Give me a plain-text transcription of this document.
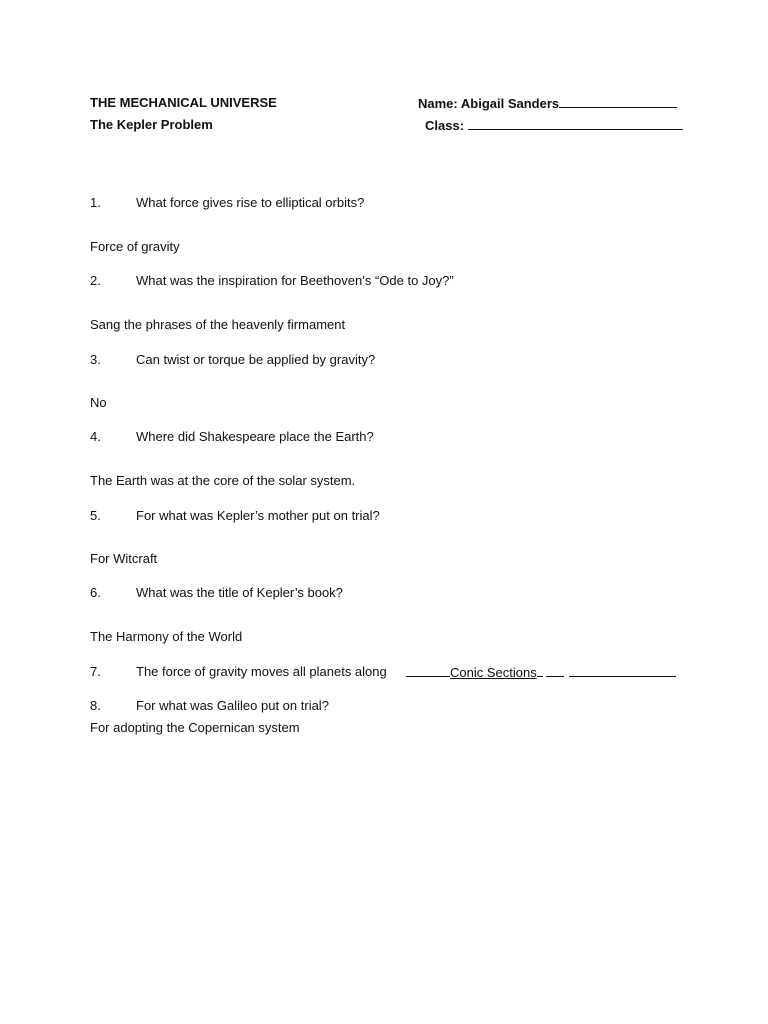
THE MECHANICAL UNIVERSE
The Kepler Problem
Name: Abigail Sanders
Class:
1.	What force gives rise to elliptical orbits?
Force of gravity
2.	What was the inspiration for Beethoven’s “Ode to Joy?”
Sang the phrases of the heavenly firmament
3.	Can twist or torque be applied by gravity?
No
4.	Where did Shakespeare place the Earth?
The Earth was at the core of the solar system.
5.	For what was Kepler’s mother put on trial?
For Witcraft
6.	What was the title of Kepler’s book?
The Harmony of the World
7.	The force of gravity moves all planets along	Conic Sections
8.	For what was Galileo put on trial?
For adopting the Copernican system
